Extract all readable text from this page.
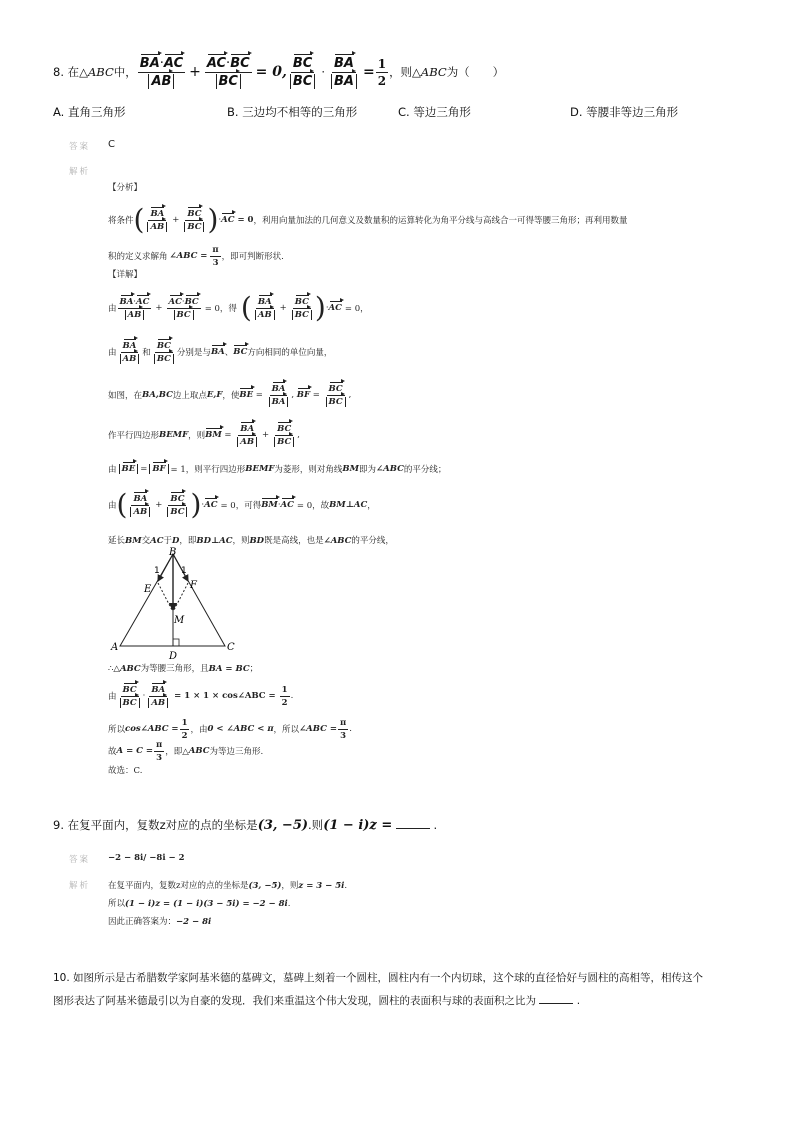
8.
在△ ABC 中， $\frac{BA\cdot AC}{AB} + \frac{AC\cdot BC}{BC} = 0$, $\frac{BC}{BC} \cdot \frac{BA}{BA} = \frac{1}{2}$ ，则△ ABC 为（　　）
A. 直角三角形	B. 三边均不相等的三角形	C. 等边三角形	D. 等腰非等边三角形
答案 C
解析
【分析】
将条件 ( $\frac{BA}{AB} + \frac{BC}{BC}$ ) ·AC = 0 ，利用向量加法的几何意义及数量积的运算转化为角平分线与高线合一可得等腰三角形；再利用数量
积的定义求解角 ∠ABC = $\frac{\pi}{3}$ ，即可判断形状.
【详解】
由 $\frac{BA\cdot AC}{AB} + \frac{AC\cdot BC}{BC} = 0$，得 ( $\frac{BA}{AB} + \frac{BC}{BC}$ ) ·AC = 0，
由 $\frac{BA}{AB}$ 和 $\frac{BC}{BC}$ 分别是与 BA 、 BC 方向相同的单位向量，
如图，在 BA,BC 边上取点 E,F ，使 BE = $\frac{BA}{BA}$ , BF = $\frac{BC}{BC}$ ,
作平行四边形 BEMF ，则 BM = $\frac{BA}{AB} + \frac{BC}{BC}$ ,
由 BE = BF = 1，则平行四边形 BEMF 为菱形，则对角线 BM 即为 ∠ABC 的平分线；
由 ( $\frac{BA}{AB} + \frac{BC}{BC}$ ) ·AC = 0，可得 BM · AC = 0，故 BM⊥AC ，
延长BM交AC于D，即BD⊥AC，则BD既是高线，也是∠ABC的平分线，
B
A	C
D
E	F
M
1 1
∴△ABC为等腰三角形，且BA = BC；
由 $\frac{BC}{BC} \cdot \frac{BA}{AB} = 1 \times 1$ × cos∠ABC = $\frac{1}{2}$ .
所以 cos∠ABC = $\frac{1}{2}$ ，由 0 < ∠ABC < π ，所以 ∠ABC = $\frac{\pi}{3}$ .
故 $A = C = \frac{\pi}{3}$ ，即△ ABC 为等边三角形.
故选：C.
9. 在复平面内，复数z对应的点的坐标是(3, −5).则(1 − i)z =	.
答案 −2 − 8i/ −8i − 2
解析 在复平面内，复数z对应的点的坐标是(3, −5)，则z = 3 − 5i.
所以(1 − i)z = (1 − i)(3 − 5i) = −2 − 8i.
因此正确答案为：−2 − 8i
10. 如图所示是古希腊数学家阿基米德的墓碑文，墓碑上刻着一个圆柱，圆柱内有一个内切球，这个球的直径恰好与圆柱的高相等，相传这个
图形表达了阿基米德最引以为自豪的发现．我们来重温这个伟大发现，圆柱的表面积与球的表面积之比为	.
